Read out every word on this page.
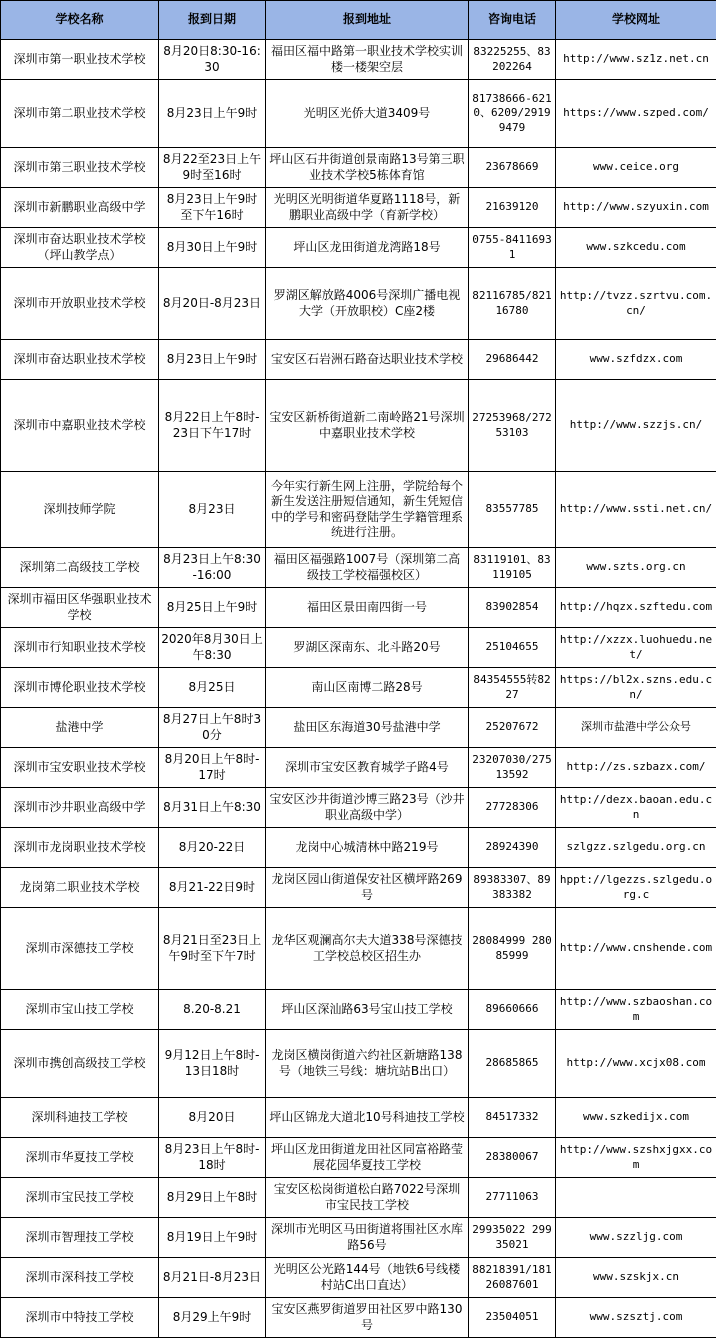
学校名称	报到日期	报到地址	咨询电话	学校网址
深圳市第一职业技术学校	8月20日8:30-16:30	福田区福中路第一职业技术学校实训楼一楼架空层	83225255、83202264	http://www.sz1z.net.cn
深圳市第二职业技术学校	8月23日上午9时	光明区光侨大道3409号	81738666-6210、6209/29199479	https://www.szped.com/
深圳市第三职业技术学校	8月22至23日上午9时至16时	坪山区石井街道创景南路13号第三职业技术学校5栋体育馆	23678669	www.ceice.org
深圳市新鹏职业高级中学	8月23日上午9时至下午16时	光明区光明街道华夏路1118号，新鹏职业高级中学（育新学校）	21639120	http://www.szyuxin.com
深圳市奋达职业技术学校（坪山教学点）	8月30日上午9时	坪山区龙田街道龙湾路18号	0755-84116931	www.szkcedu.com
深圳市开放职业技术学校	8月20日-8月23日	罗湖区解放路4006号深圳广播电视大学（开放职校）C座2楼	82116785/82116780	http://tvzz.szrtvu.com.cn/
深圳市奋达职业技术学校	8月23日上午9时	宝安区石岩洲石路奋达职业技术学校	29686442	www.szfdzx.com
深圳市中嘉职业技术学校	8月22日上午8时-23日下午17时	宝安区新桥街道新二南岭路21号深圳中嘉职业技术学校	27253968/27253103	http://www.szzjs.cn/
深圳技师学院	8月23日	今年实行新生网上注册，学院给每个新生发送注册短信通知，新生凭短信中的学号和密码登陆学生学籍管理系统进行注册。	83557785	http://www.ssti.net.cn/
深圳第二高级技工学校	8月23日上午8:30-16:00	福田区福强路1007号（深圳第二高级技工学校福强校区）	83119101、83119105	www.szts.org.cn
深圳市福田区华强职业技术学校	8月25日上午9时	福田区景田南四街一号	83902854	http://hqzx.szftedu.com
深圳市行知职业技术学校	2020年8月30日上午8:30	罗湖区深南东、北斗路20号	25104655	http://xzzx.luohuedu.net/
深圳市博伦职业技术学校	8月25日	南山区南博二路28号	84354555转8227	https://bl2x.szns.edu.cn/
盐港中学	8月27日上午8时30分	盐田区东海道30号盐港中学	25207672	深圳市盐港中学公众号
深圳市宝安职业技术学校	8月20日上午8时-17时	深圳市宝安区教育城学子路4号	23207030/27513592	http://zs.szbazx.com/
深圳市沙井职业高级中学	8月31日上午8:30	宝安区沙井街道沙博三路23号（沙井职业高级中学）	27728306	http://dezx.baoan.edu.cn
深圳市龙岗职业技术学校	8月20-22日	龙岗中心城清林中路219号	28924390	szlgzz.szlgedu.org.cn
龙岗第二职业技术学校	8月21-22日9时	龙岗区园山街道保安社区横坪路269号	89383307、89383382	hppt://lgezzs.szlgedu.org.c
深圳市深德技工学校	8月21日至23日上午9时至下午7时	龙华区观澜高尔夫大道338号深德技工学校总校区招生办	28084999 28085999	http://www.cnshende.com
深圳市宝山技工学校	8.20-8.21	坪山区深汕路63号宝山技工学校	89660666	http://www.szbaoshan.com
深圳市携创高级技工学校	9月12日上午8时-13日18时	龙岗区横岗街道六约社区新塘路138号（地铁三号线：塘坑站B出口）	28685865	http://www.xcjx08.com
深圳科迪技工学校	8月20日	坪山区锦龙大道北10号科迪技工学校	84517332	www.szkedijx.com
深圳市华夏技工学校	8月23日上午8时-18时	坪山区龙田街道龙田社区同富裕路莹展花园华夏技工学校	28380067	http://www.szshxjgxx.com
深圳市宝民技工学校	8月29日上午8时	宝安区松岗街道松白路7022号深圳市宝民技工学校	27711063	
深圳市智理技工学校	8月19日上午9时	深圳市光明区马田街道将围社区水库路56号	29935022 29935021	www.szzljg.com
深圳市深科技工学校	8月21日-8月23日	光明区公光路144号（地铁6号线楼村站C出口直达）	88218391/18126087601	www.szskjx.cn
深圳市中特技工学校	8月29上午9时	宝安区燕罗街道罗田社区罗中路130号	23504051	www.szsztj.com
